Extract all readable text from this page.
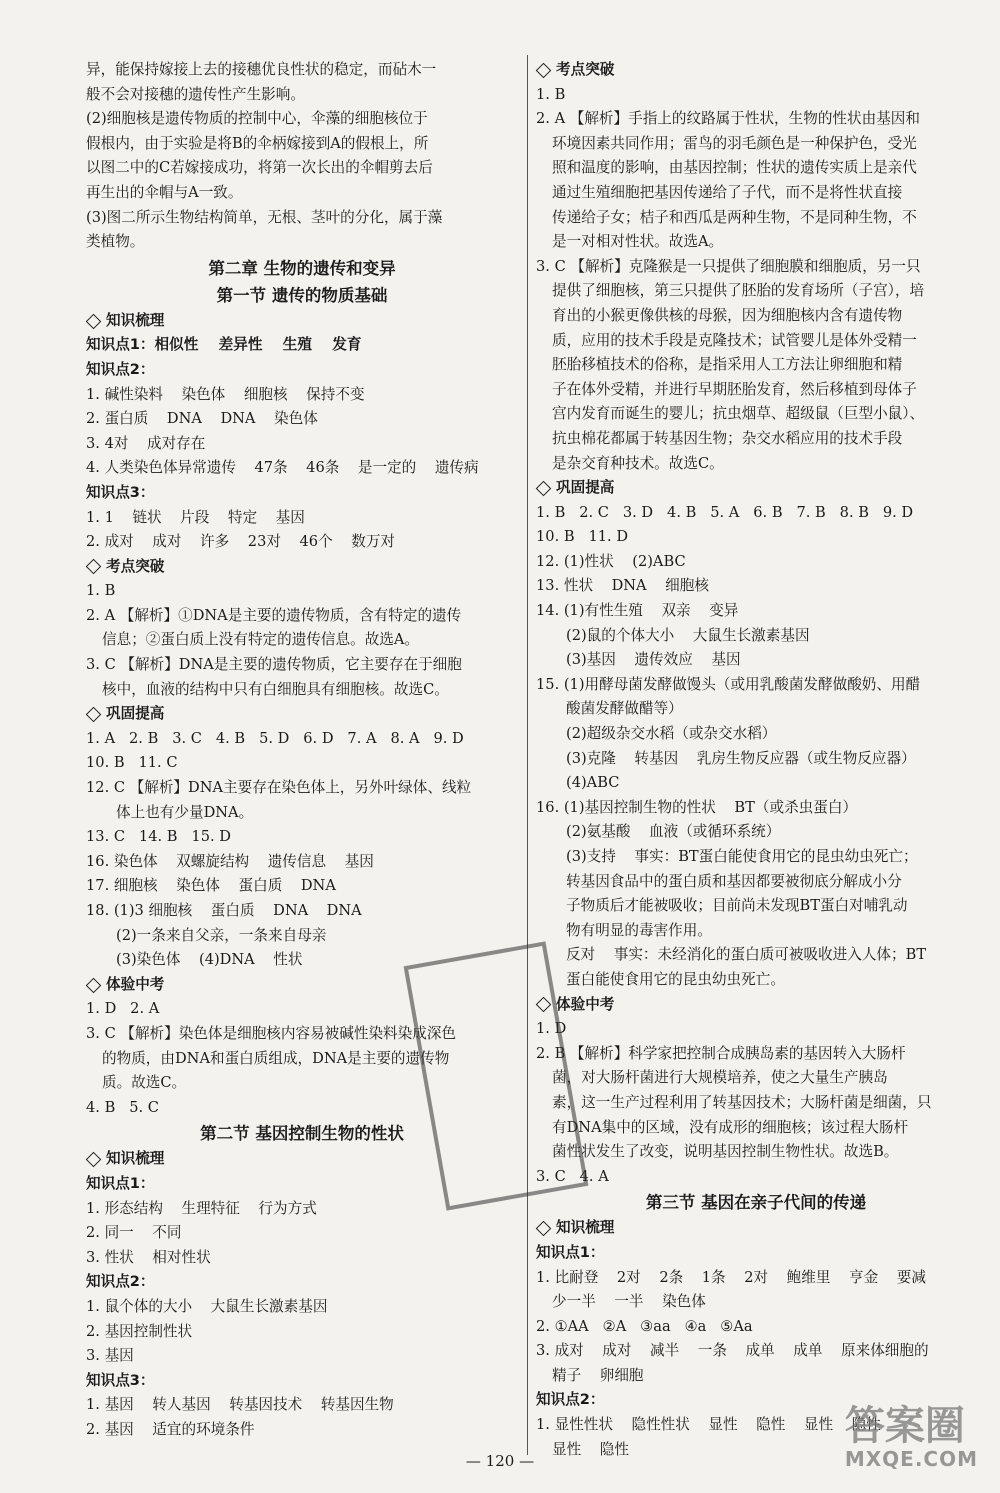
异，能保持嫁接上去的接穗优良性状的稳定，而砧木一
般不会对接穗的遗传性产生影响。
(2)细胞核是遗传物质的控制中心，伞藻的细胞核位于
假根内，由于实验是将B的伞柄嫁接到A的假根上，所
以图二中的C若嫁接成功，将第一次长出的伞帽剪去后
再生出的伞帽与A一致。
(3)图二所示生物结构简单，无根、茎叶的分化，属于藻
类植物。
第二章 生物的遗传和变异
第一节 遗传的物质基础
知识梳理
知识点1：相似性    差异性    生殖    发育
知识点2：
1. 碱性染料    染色体    细胞核    保持不变
2. 蛋白质    DNA    DNA    染色体
3. 4对    成对存在
4. 人类染色体异常遗传    47条    46条    是一定的    遗传病
知识点3：
1. 1    链状    片段    特定    基因
2. 成对    成对    许多    23对    46个    数万对
考点突破
1. B
2. A 【解析】①DNA是主要的遗传物质，含有特定的遗传
信息；②蛋白质上没有特定的遗传信息。故选A。
3. C 【解析】DNA是主要的遗传物质，它主要存在于细胞
核中，血液的结构中只有白细胞具有细胞核。故选C。
巩固提高
1. A   2. B   3. C   4. B   5. D   6. D   7. A   8. A   9. D
10. B   11. C
12. C 【解析】DNA主要存在染色体上，另外叶绿体、线粒
体上也有少量DNA。
13. C   14. B   15. D
16. 染色体    双螺旋结构    遗传信息    基因
17. 细胞核    染色体    蛋白质    DNA
18. (1)3 细胞核    蛋白质    DNA    DNA
(2)一条来自父亲，一条来自母亲
(3)染色体    (4)DNA    性状
体验中考
1. D   2. A
3. C 【解析】染色体是细胞核内容易被碱性染料染成深色
的物质，由DNA和蛋白质组成，DNA是主要的遗传物
质。故选C。
4. B   5. C
第二节 基因控制生物的性状
知识梳理
知识点1：
1. 形态结构    生理特征    行为方式
2. 同一    不同
3. 性状    相对性状
知识点2：
1. 鼠个体的大小    大鼠生长激素基因
2. 基因控制性状
3. 基因
知识点3：
1. 基因    转人基因    转基因技术    转基因生物
2. 基因    适宜的环境条件
考点突破
1. B
2. A 【解析】手指上的纹路属于性状，生物的性状由基因和
环境因素共同作用；雷鸟的羽毛颜色是一种保护色，受光
照和温度的影响，由基因控制；性状的遗传实质上是亲代
通过生殖细胞把基因传递给了子代，而不是将性状直接
传递给子女；桔子和西瓜是两种生物，不是同种生物，不
是一对相对性状。故选A。
3. C 【解析】克隆猴是一只提供了细胞膜和细胞质，另一只
提供了细胞核，第三只提供了胚胎的发育场所（子宫），培
育出的小猴更像供核的母猴，因为细胞核内含有遗传物
质，应用的技术手段是克隆技术；试管婴儿是体外受精一
胚胎移植技术的俗称，是指采用人工方法让卵细胞和精
子在体外受精，并进行早期胚胎发育，然后移植到母体子
宫内发育而诞生的婴儿；抗虫烟草、超级鼠（巨型小鼠）、
抗虫棉花都属于转基因生物；杂交水稻应用的技术手段
是杂交育种技术。故选C。
巩固提高
1. B   2. C   3. D   4. B   5. A   6. B   7. B   8. B   9. D
10. B   11. D
12. (1)性状    (2)ABC
13. 性状    DNA    细胞核
14. (1)有性生殖    双亲    变异
(2)鼠的个体大小    大鼠生长激素基因
(3)基因    遗传效应    基因
15. (1)用酵母菌发酵做馒头（或用乳酸菌发酵做酸奶、用醋
酸菌发酵做醋等）
(2)超级杂交水稻（或杂交水稻）
(3)克隆    转基因    乳房生物反应器（或生物反应器）
(4)ABC
16. (1)基因控制生物的性状    BT（或杀虫蛋白）
(2)氨基酸    血液（或循环系统）
(3)支持    事实：BT蛋白能使食用它的昆虫幼虫死亡；
转基因食品中的蛋白质和基因都要被彻底分解成小分
子物质后才能被吸收；目前尚未发现BT蛋白对哺乳动
物有明显的毒害作用。
反对    事实：未经消化的蛋白质可被吸收进入人体；BT
蛋白能使食用它的昆虫幼虫死亡。
体验中考
1. D
2. B 【解析】科学家把控制合成胰岛素的基因转入大肠杆
菌，对大肠杆菌进行大规模培养，使之大量生产胰岛
素，这一生产过程利用了转基因技术；大肠杆菌是细菌，只
有DNA集中的区域，没有成形的细胞核；该过程大肠杆
菌性状发生了改变，说明基因控制生物性状。故选B。
3. C   4. A
第三节 基因在亲子代间的传递
知识梳理
知识点1：
1. 比耐登    2对    2条    1条    2对    鲍维里    亨金    要减
少一半    一半    染色体
2. ①AA   ②A   ③aa   ④a   ⑤Aa
3. 成对    成对    减半    一条    成单    成单    原来体细胞的
精子    卵细胞
知识点2：
1. 显性性状    隐性性状    显性    隐性    显性    隐性
显性    隐性
— 120 —
答案圈
MXQE.COM
